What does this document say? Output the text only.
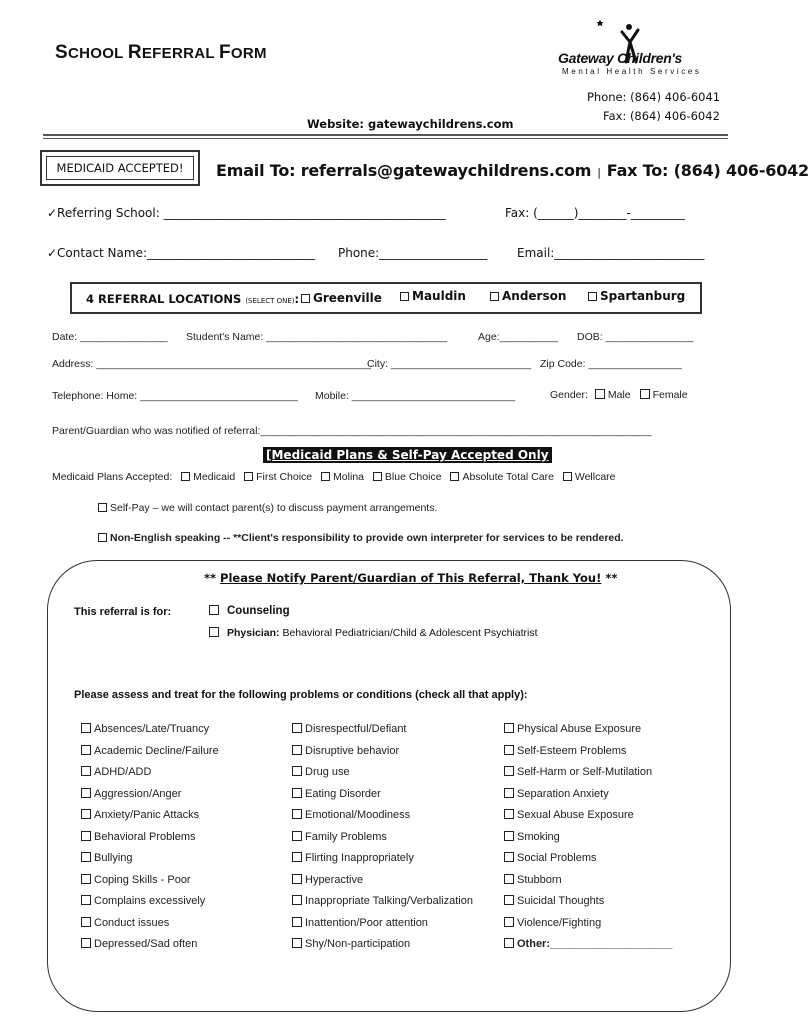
SCHOOL REFERRAL FORM	Gateway Children's
Mental Health Services
Phone: (864) 406-6041
Fax: (864) 406-6042
Website: gatewaychildrens.com
MEDICAID ACCEPTED!	Email To: referrals@gatewaychildrens.com | Fax To: (864) 406-6042
✓Referring School: _______________________________________________	Fax: (______)________-_________
✓Contact Name:____________________________ Phone:__________________ Email:_________________________
4 REFERRAL LOCATIONS (SELECT ONE):	Greenville	Mauldin	Anderson	Spartanburg
Date: _______________ Student's Name: _______________________________	Age:__________ DOB: _______________
Address: _______________________________________________
City: ________________________ Zip Code: ________________
Telephone: Home: ___________________________ Mobile: ____________________________	Gender: Male Female
Parent/Guardian who was notified of referral:___________________________________________________________________
[Medicaid Plans & Self-Pay Accepted Only
Medicaid Plans Accepted: Medicaid First Choice Molina Blue Choice Absolute Total Care Wellcare
Self-Pay – we will contact parent(s) to discuss payment arrangements.
Non-English speaking -- **Client's responsibility to provide own interpreter for services to be rendered.
** Please Notify Parent/Guardian of This Referral, Thank You! **
This referral is for:	Counseling
Physician: Behavioral Pediatrician/Child & Adolescent Psychiatrist
Please assess and treat for the following problems or conditions (check all that apply):
Absences/Late/Truancy
Academic Decline/Failure
ADHD/ADD
Aggression/Anger
Anxiety/Panic Attacks
Behavioral Problems
Bullying
Coping Skills - Poor
Complains excessively
Conduct issues
Depressed/Sad often
Disrespectful/Defiant
Disruptive behavior
Drug use
Eating Disorder
Emotional/Moodiness
Family Problems
Flirting Inappropriately
Hyperactive
Inappropriate Talking/Verbalization
Inattention/Poor attention
Shy/Non-participation
Physical Abuse Exposure
Self-Esteem Problems
Self-Harm or Self-Mutilation
Separation Anxiety
Sexual Abuse Exposure
Smoking
Social Problems
Stubborn
Suicidal Thoughts
Violence/Fighting
Other:____________________
